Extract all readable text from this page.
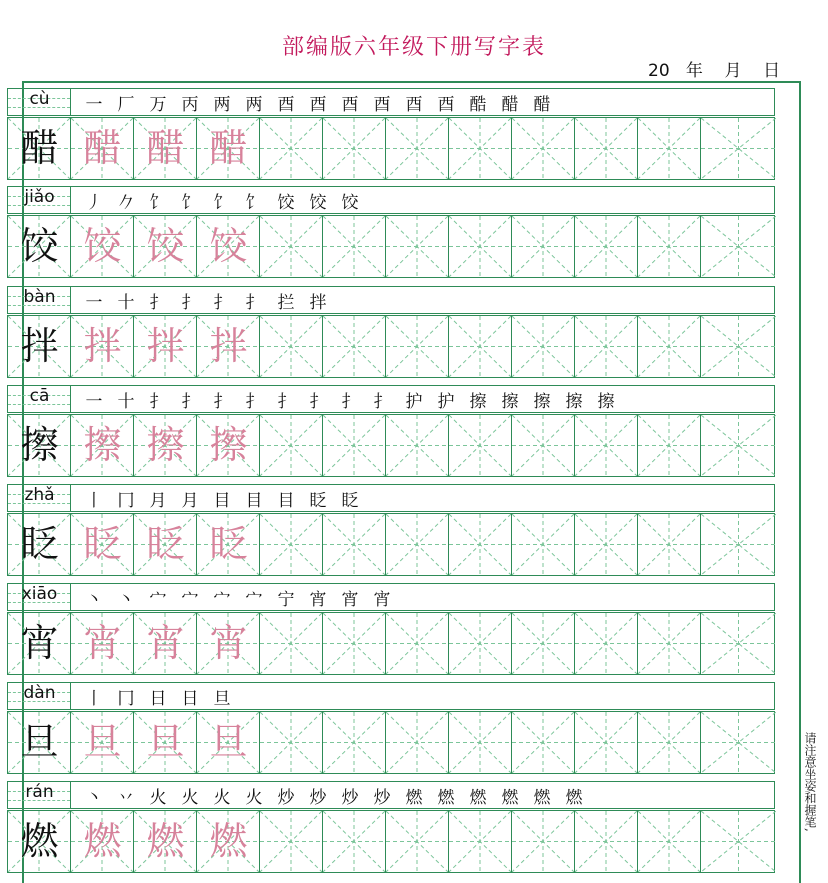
部编版六年级下册写字表
20 年 月 日
cù	一 厂 万 丙 两 两 酉 酉 酉 酉 酉 酉 酷 醋 醋
醋 醋 醋 醋
jiǎo	丿 𠂊 饣 饣 饣 饣 饺 饺 饺
饺 饺 饺 饺
bàn	一 十 扌 扌 扌 扌 拦 拌
拌 拌 拌 拌
cā	一 十 扌 扌 扌 扌 扌 扌 扌 扌 护 护 擦 擦 擦 擦 擦
擦 擦 擦 擦
zhǎ	丨 冂 月 月 目 目 目 眨 眨
眨 眨 眨 眨
xiāo	丶 丶 宀 宀 宀 宀 宁 宵 宵 宵
宵 宵 宵 宵
dàn	丨 冂 日 日 旦
旦 旦 旦 旦
rán	丶 丷 火 火 火 火 炒 炒 炒 炒 燃 燃 燃 燃 燃 燃
燃 燃 燃 燃
请注意坐姿和握笔,
